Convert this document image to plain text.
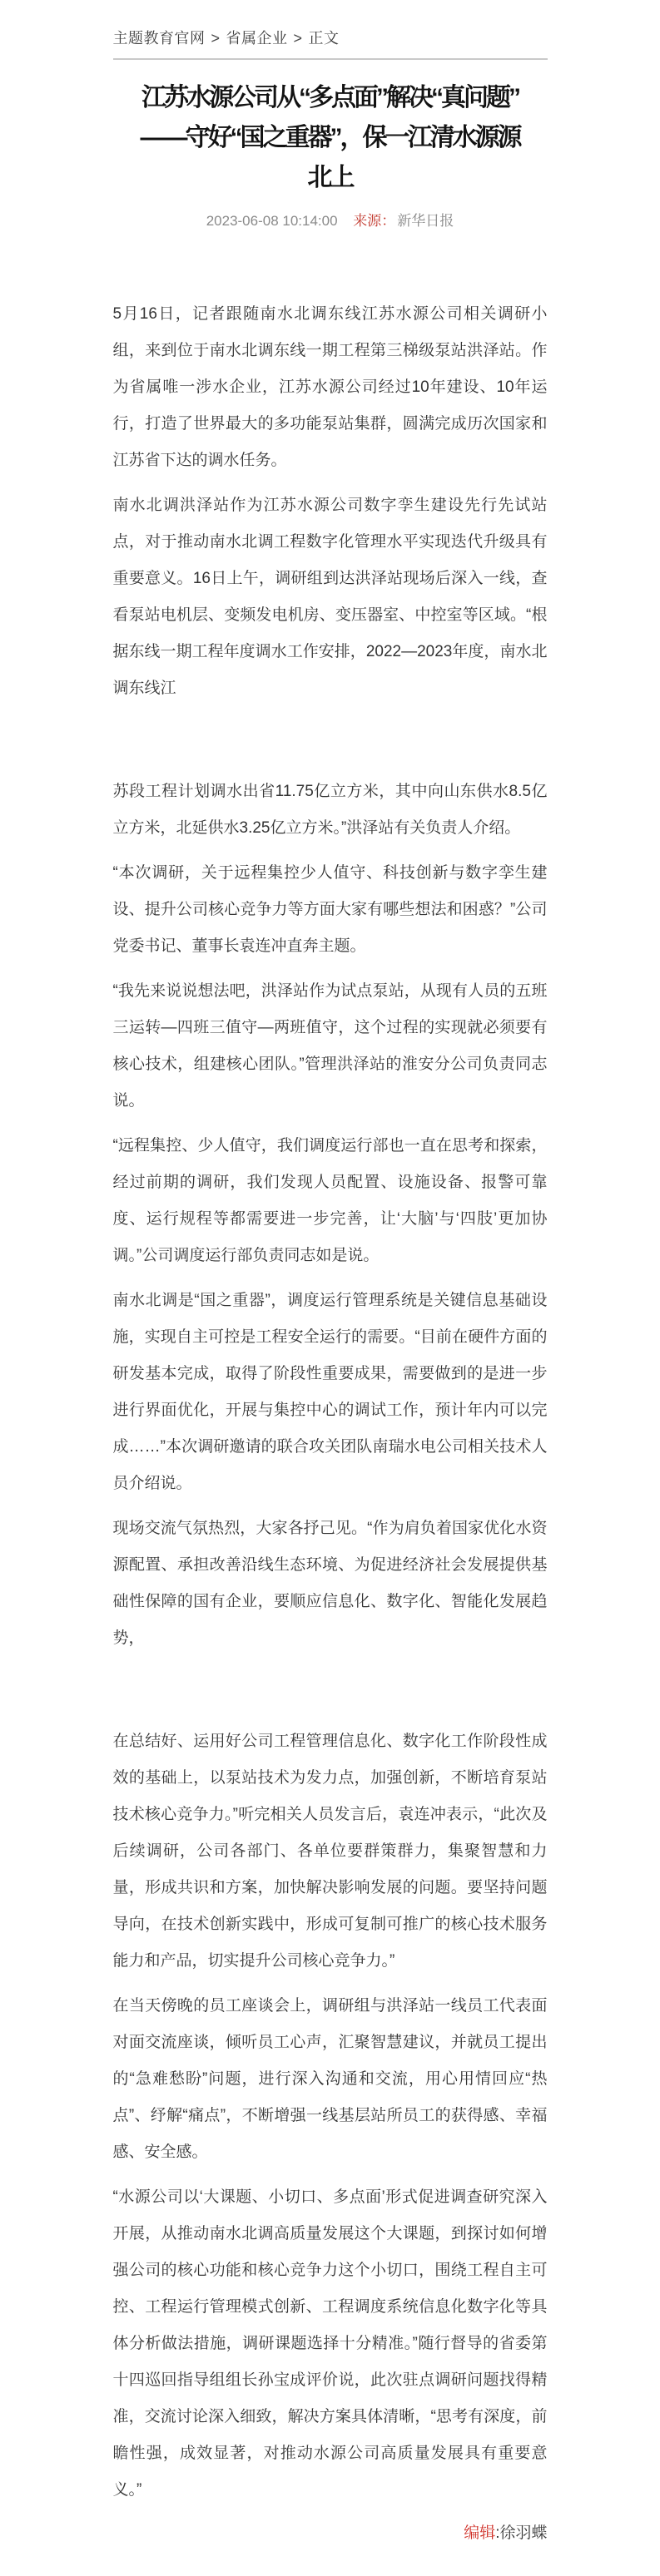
主题教育官网 > 省属企业 > 正文
江苏水源公司从“多点面”解决“真问题”
——守好“国之重器”，保一江清水源源
北上
2023-06-08 10:14:00 来源： 新华日报

5月16日，记者跟随南水北调东线江苏水源公司相关调研小组，来到位于南水北调东线一期工程第三梯级泵站洪泽站。作为省属唯一涉水企业，江苏水源公司经过10年建设、10年运行，打造了世界最大的多功能泵站集群，圆满完成历次国家和江苏省下达的调水任务。

南水北调洪泽站作为江苏水源公司数字孪生建设先行先试站点，对于推动南水北调工程数字化管理水平实现迭代升级具有重要意义。16日上午，调研组到达洪泽站现场后深入一线，查看泵站电机层、变频发电机房、变压器室、中控室等区域。“根据东线一期工程年度调水工作安排，2022—2023年度，南水北调东线江

苏段工程计划调水出省11.75亿立方米，其中向山东供水8.5亿立方米，北延供水3.25亿立方米。”洪泽站有关负责人介绍。

“本次调研，关于远程集控少人值守、科技创新与数字孪生建设、提升公司核心竞争力等方面大家有哪些想法和困惑？”公司党委书记、董事长袁连冲直奔主题。

“我先来说说想法吧，洪泽站作为试点泵站，从现有人员的五班三运转—四班三值守—两班值守，这个过程的实现就必须要有核心技术，组建核心团队。”管理洪泽站的淮安分公司负责同志说。

“远程集控、少人值守，我们调度运行部也一直在思考和探索，经过前期的调研，我们发现人员配置、设施设备、报警可靠度、运行规程等都需要进一步完善，让‘大脑’与‘四肢’更加协调。”公司调度运行部负责同志如是说。

南水北调是“国之重器”，调度运行管理系统是关键信息基础设施，实现自主可控是工程安全运行的需要。“目前在硬件方面的研发基本完成，取得了阶段性重要成果，需要做到的是进一步进行界面优化，开展与集控中心的调试工作，预计年内可以完成……”本次调研邀请的联合攻关团队南瑞水电公司相关技术人员介绍说。

现场交流气氛热烈，大家各抒己见。“作为肩负着国家优化水资源配置、承担改善沿线生态环境、为促进经济社会发展提供基础性保障的国有企业，要顺应信息化、数字化、智能化发展趋势，

在总结好、运用好公司工程管理信息化、数字化工作阶段性成效的基础上，以泵站技术为发力点，加强创新，不断培育泵站技术核心竞争力。”听完相关人员发言后，袁连冲表示，“此次及后续调研，公司各部门、各单位要群策群力，集聚智慧和力量，形成共识和方案，加快解决影响发展的问题。要坚持问题导向，在技术创新实践中，形成可复制可推广的核心技术服务能力和产品，切实提升公司核心竞争力。”

在当天傍晚的员工座谈会上，调研组与洪泽站一线员工代表面对面交流座谈，倾听员工心声，汇聚智慧建议，并就员工提出的“急难愁盼”问题，进行深入沟通和交流，用心用情回应“热点”、纾解“痛点”，不断增强一线基层站所员工的获得感、幸福感、安全感。

“水源公司以‘大课题、小切口、多点面’形式促进调查研究深入开展，从推动南水北调高质量发展这个大课题，到探讨如何增强公司的核心功能和核心竞争力这个小切口，围绕工程自主可控、工程运行管理模式创新、工程调度系统信息化数字化等具体分析做法措施，调研课题选择十分精准。”随行督导的省委第十四巡回指导组组长孙宝成评价说，此次驻点调研问题找得精准，交流讨论深入细致，解决方案具体清晰，“思考有深度，前瞻性强，成效显著，对推动水源公司高质量发展具有重要意义。”

编辑:徐羽蝶
